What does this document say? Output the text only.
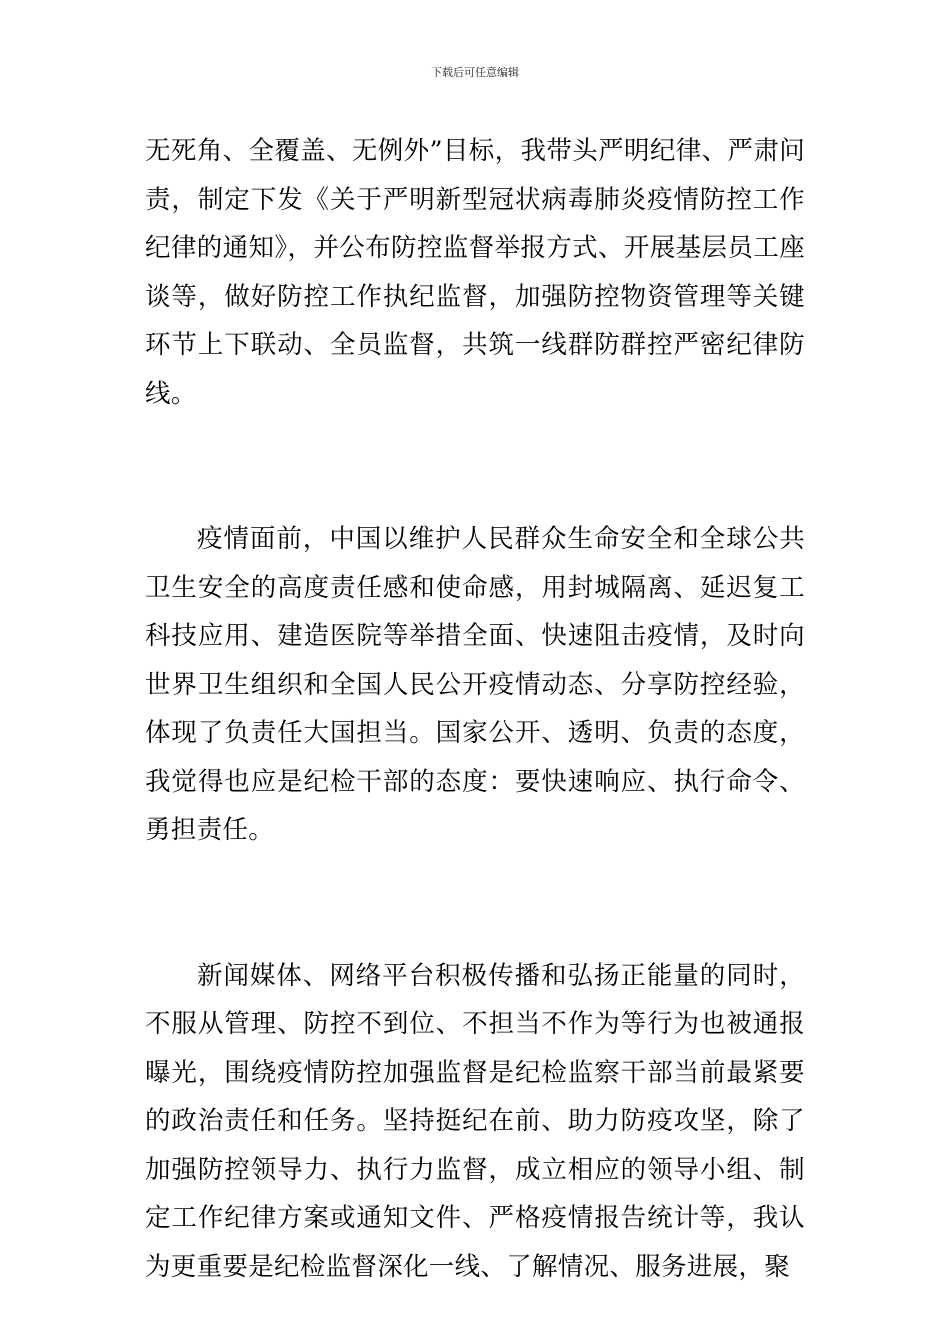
下载后可任意编辑

无死角、全覆盖、无例外”目标，我带头严明纪律、严肃问责，制定下发《关于严明新型冠状病毒肺炎疫情防控工作纪律的通知》，并公布防控监督举报方式、开展基层员工座谈等，做好防控工作执纪监督，加强防控物资管理等关键环节上下联动、全员监督，共筑一线群防群控严密纪律防线。

疫情面前，中国以维护人民群众生命安全和全球公共卫生安全的高度责任感和使命感，用封城隔离、延迟复工科技应用、建造医院等举措全面、快速阻击疫情，及时向世界卫生组织和全国人民公开疫情动态、分享防控经验，体现了负责任大国担当。国家公开、透明、负责的态度，我觉得也应是纪检干部的态度：要快速响应、执行命令、勇担责任。

新闻媒体、网络平台积极传播和弘扬正能量的同时，不服从管理、防控不到位、不担当不作为等行为也被通报曝光，围绕疫情防控加强监督是纪检监察干部当前最紧要的政治责任和任务。坚持挺纪在前、助力防疫攻坚，除了加强防控领导力、执行力监督，成立相应的领导小组、制定工作纪律方案或通知文件、严格疫情报告统计等，我认为更重要是纪检监督深化一线、了解情况、服务进展，聚
